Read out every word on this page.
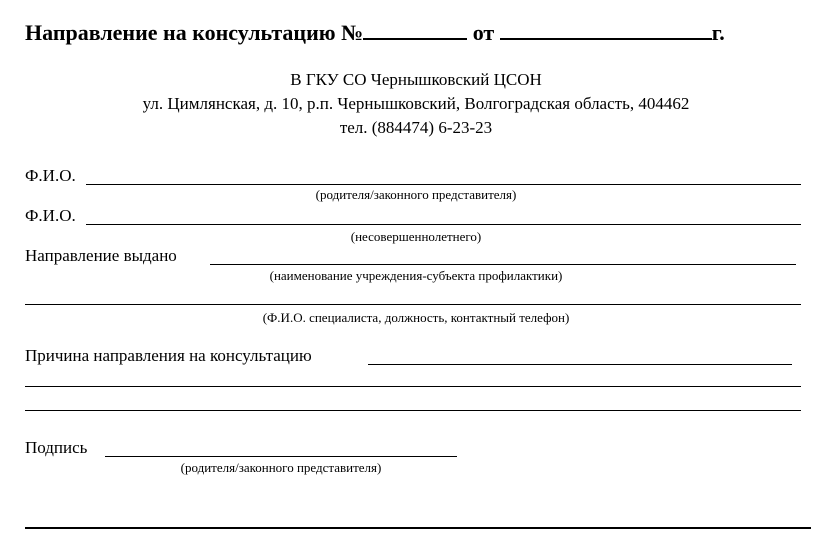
Направление на консультацию №	от	г.
В ГКУ СО Чернышковский ЦСОН
ул. Цимлянская, д. 10, р.п. Чернышковский, Волгоградская область, 404462
тел. (884474) 6-23-23
Ф.И.О.
(родителя/законного представителя)
Ф.И.О.
(несовершеннолетнего)
Направление выдано
(наименование учреждения-субъекта профилактики)
(Ф.И.О. специалиста, должность, контактный телефон)
Причина направления на консультацию
Подпись
(родителя/законного представителя)
